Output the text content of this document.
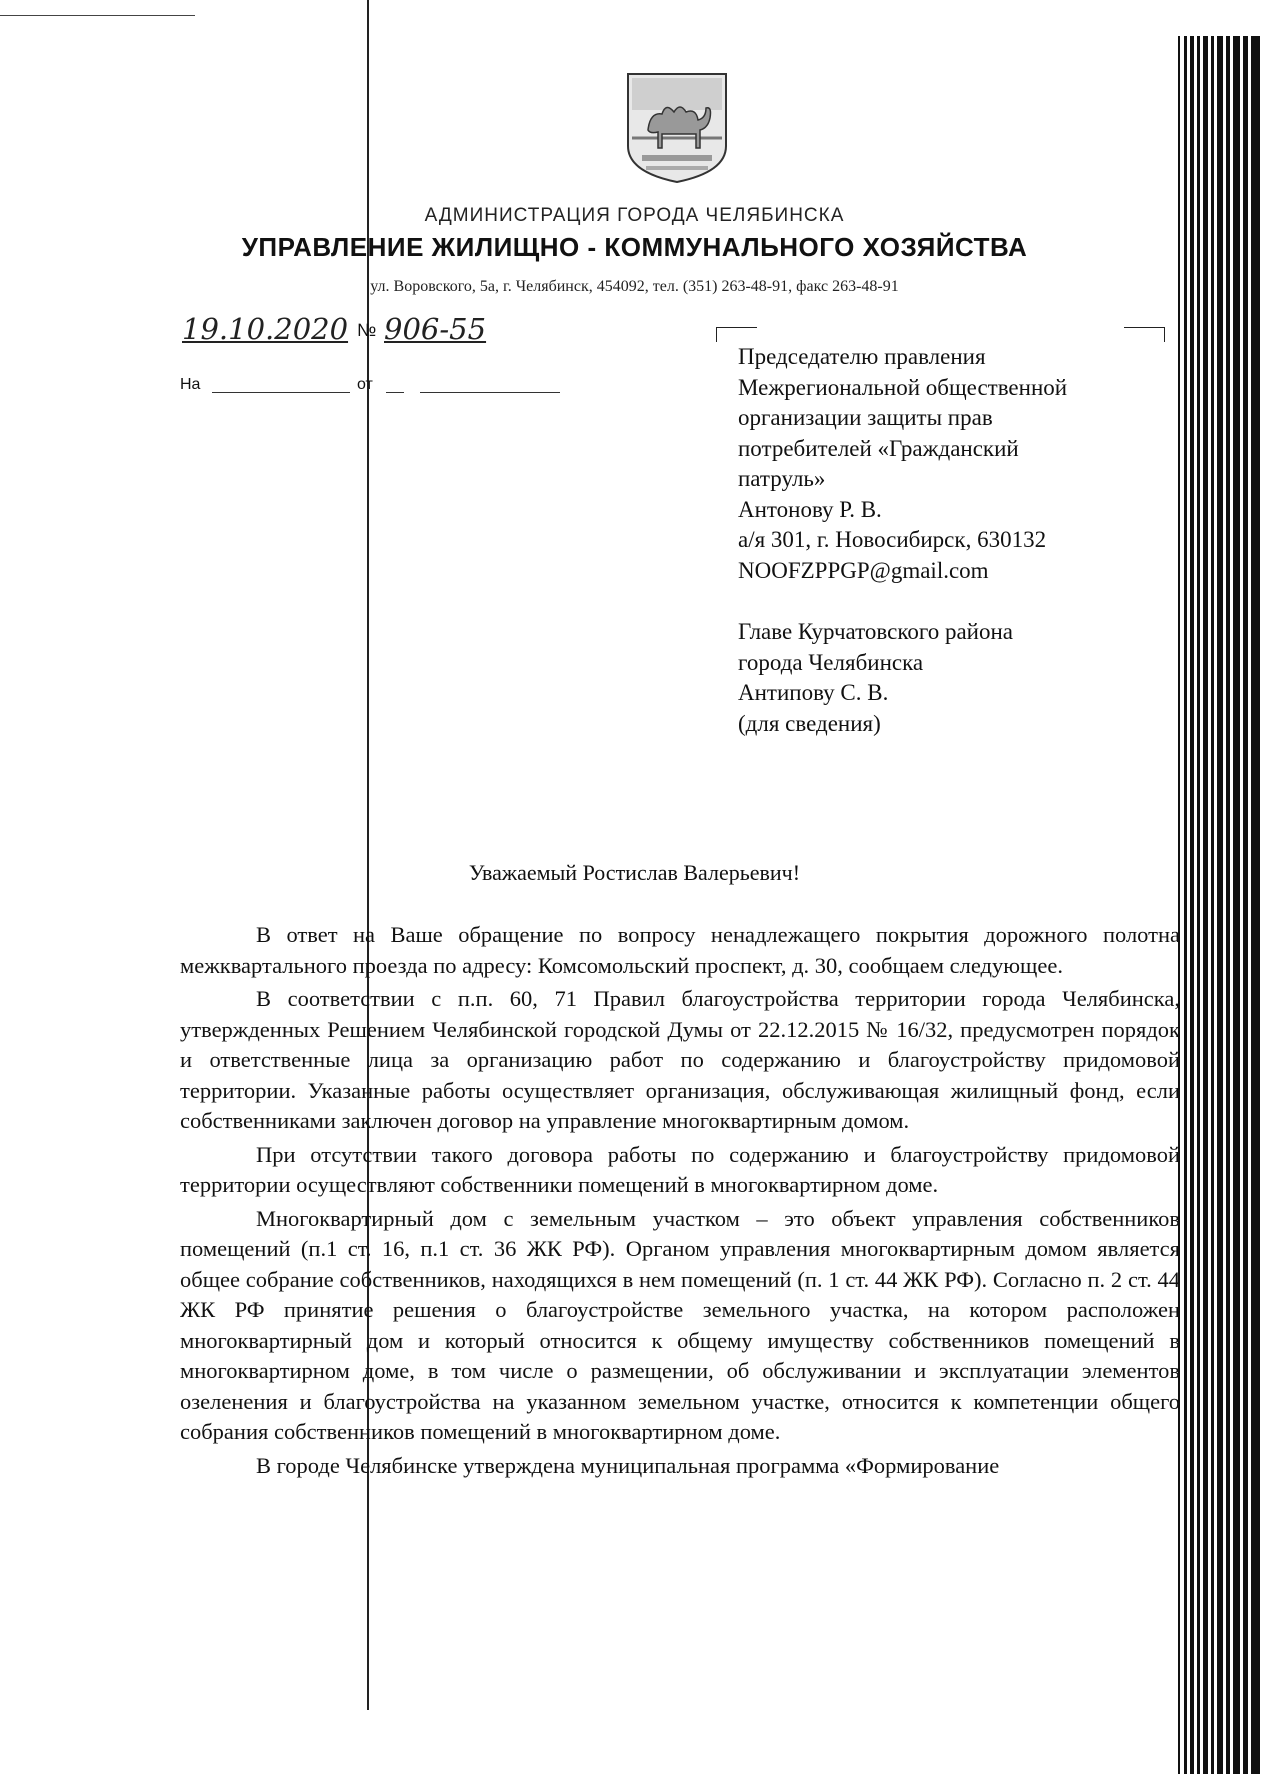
АДМИНИСТРАЦИЯ ГОРОДА ЧЕЛЯБИНСКА
УПРАВЛЕНИЕ ЖИЛИЩНО - КОММУНАЛЬНОГО ХОЗЯЙСТВА
ул. Воровского, 5а, г. Челябинск, 454092, тел. (351) 263-48-91, факс 263-48-91
19.10.2020 № 906-55
На	от
Председателю правления
Межрегиональной общественной
организации защиты прав
потребителей «Гражданский
патруль»
Антонову Р. В.
а/я 301, г. Новосибирск, 630132
NOOFZPPGP@gmail.com
Главе Курчатовского района
города Челябинска
Антипову С. В.
(для сведения)
Уважаемый Ростислав Валерьевич!

В ответ на Ваше обращение по вопросу ненадлежащего покрытия дорожного полотна межквартального проезда по адресу: Комсомольский проспект, д. 30, сообщаем следующее.

В соответствии с п.п. 60, 71 Правил благоустройства территории города Челябинска, утвержденных Решением Челябинской городской Думы от 22.12.2015 № 16/32, предусмотрен порядок и ответственные лица за организацию работ по содержанию и благоустройству придомовой территории. Указанные работы осуществляет организация, обслуживающая жилищный фонд, если собственниками заключен договор на управление многоквартирным домом.

При отсутствии такого договора работы по содержанию и благоустройству придомовой территории осуществляют собственники помещений в многоквартирном доме.

Многоквартирный дом с земельным участком – это объект управления собственников помещений (п.1 ст. 16, п.1 ст. 36 ЖК РФ). Органом управления многоквартирным домом является общее собрание собственников, находящихся в нем помещений (п. 1 ст. 44 ЖК РФ). Согласно п. 2 ст. 44 ЖК РФ принятие решения о благоустройстве земельного участка, на котором расположен многоквартирный дом и который относится к общему имуществу собственников помещений в многоквартирном доме, в том числе о размещении, об обслуживании и эксплуатации элементов озеленения и благоустройства на указанном земельном участке, относится к компетенции общего собрания собственников помещений в многоквартирном доме.

В городе Челябинске утверждена муниципальная программа «Формирование
